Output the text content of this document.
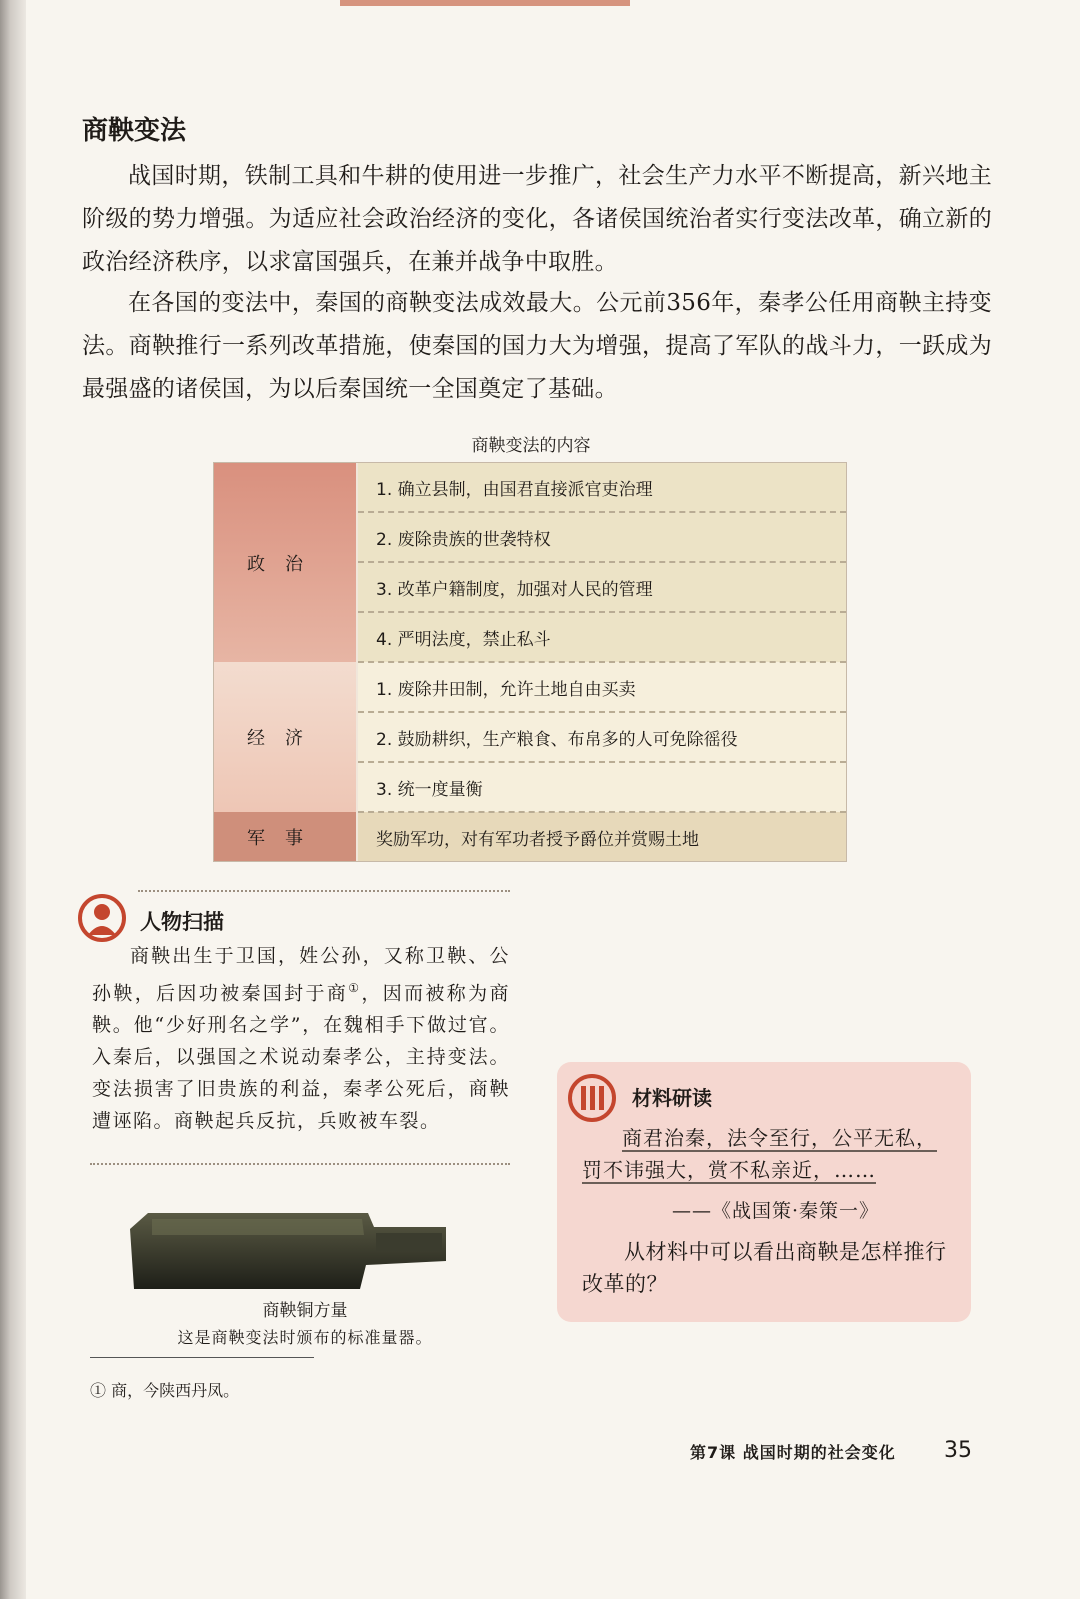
商鞅变法

战国时期，铁制工具和牛耕的使用进一步推广，社会生产力水平不断提高，新兴地主阶级的势力增强。为适应社会政治经济的变化，各诸侯国统治者实行变法改革，确立新的政治经济秩序，以求富国强兵，在兼并战争中取胜。

在各国的变法中，秦国的商鞅变法成效最大。公元前356年，秦孝公任用商鞅主持变法。商鞅推行一系列改革措施，使秦国的国力大为增强，提高了军队的战斗力，一跃成为最强盛的诸侯国，为以后秦国统一全国奠定了基础。

商鞅变法的内容
政治	1. 确立县制，由国君直接派官吏治理
	2. 废除贵族的世袭特权
	3. 改革户籍制度，加强对人民的管理
	4. 严明法度，禁止私斗
经济	1. 废除井田制，允许土地自由买卖
	2. 鼓励耕织，生产粮食、布帛多的人可免除徭役
	3. 统一度量衡
军事	奖励军功，对有军功者授予爵位并赏赐土地
人物扫描

商鞅出生于卫国，姓公孙，又称卫鞅、公孙鞅，后因功被秦国封于商①，因而被称为商鞅。他“少好刑名之学”，在魏相手下做过官。入秦后，以强国之术说动秦孝公，主持变法。变法损害了旧贵族的利益，秦孝公死后，商鞅遭诬陷。商鞅起兵反抗，兵败被车裂。

商鞅铜方量
这是商鞅变法时颁布的标准量器。
① 商，今陕西丹凤。
材料研读

商君治秦，法令至行，公平无私，
罚不讳强大，赏不私亲近，……

——《战国策·秦策一》

从材料中可以看出商鞅是怎样推行改革的？

第7课 战国时期的社会变化 35
